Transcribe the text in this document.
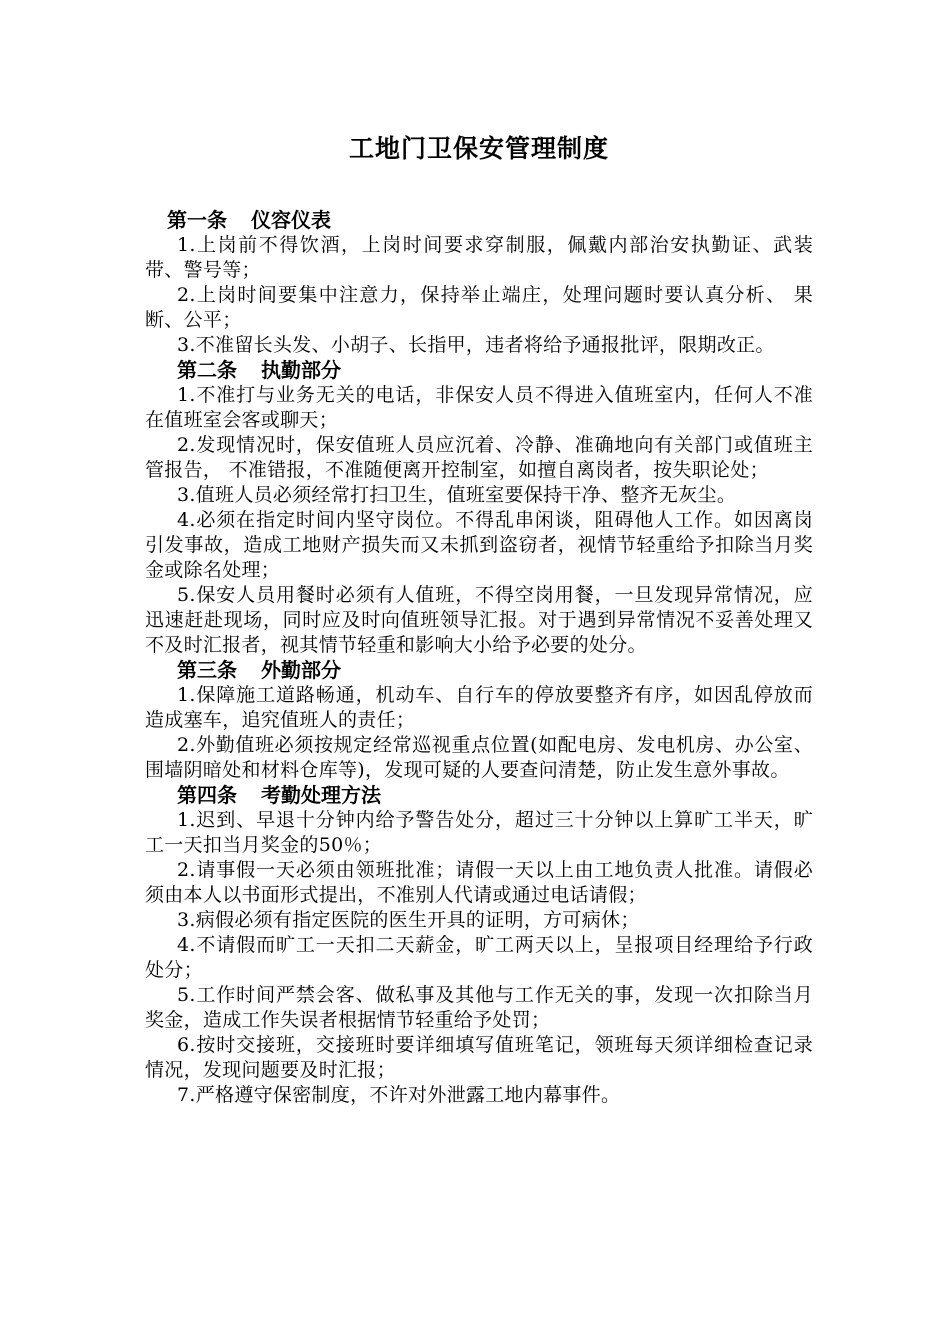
工地门卫保安管理制度

第一条 仪容仪表

1.上岗前不得饮酒，上岗时间要求穿制服，佩戴内部治安执勤证、武装带、警号等；

2.上岗时间要集中注意力，保持举止端庄，处理问题时要认真分析、 果断、公平；

3.不准留长头发、小胡子、长指甲，违者将给予通报批评，限期改正。

第二条 执勤部分

1.不准打与业务无关的电话，非保安人员不得进入值班室内，任何人不准在值班室会客或聊天；

2.发现情况时，保安值班人员应沉着、冷静、准确地向有关部门或值班主管报告， 不准错报，不准随便离开控制室，如擅自离岗者，按失职论处；

3.值班人员必须经常打扫卫生，值班室要保持干净、整齐无灰尘。

4.必须在指定时间内坚守岗位。不得乱串闲谈，阻碍他人工作。如因离岗引发事故，造成工地财产损失而又未抓到盗窃者，视情节轻重给予扣除当月奖金或除名处理；

5.保安人员用餐时必须有人值班，不得空岗用餐，一旦发现异常情况，应迅速赶赴现场，同时应及时向值班领导汇报。对于遇到异常情况不妥善处理又不及时汇报者，视其情节轻重和影响大小给予必要的处分。

第三条 外勤部分

1.保障施工道路畅通，机动车、自行车的停放要整齐有序，如因乱停放而造成塞车，追究值班人的责任；

2.外勤值班必须按规定经常巡视重点位置(如配电房、发电机房、办公室、围墙阴暗处和材料仓库等)，发现可疑的人要查问清楚，防止发生意外事故。

第四条 考勤处理方法

1.迟到、早退十分钟内给予警告处分，超过三十分钟以上算旷工半天，旷工一天扣当月奖金的50％；

2.请事假一天必须由领班批准；请假一天以上由工地负责人批准。请假必须由本人以书面形式提出，不准别人代请或通过电话请假；

3.病假必须有指定医院的医生开具的证明，方可病休；

4.不请假而旷工一天扣二天薪金，旷工两天以上，呈报项目经理给予行政处分；

5.工作时间严禁会客、做私事及其他与工作无关的事，发现一次扣除当月奖金，造成工作失误者根据情节轻重给予处罚；

6.按时交接班，交接班时要详细填写值班笔记，领班每天须详细检查记录情况，发现问题要及时汇报；

7.严格遵守保密制度，不许对外泄露工地内幕事件。
